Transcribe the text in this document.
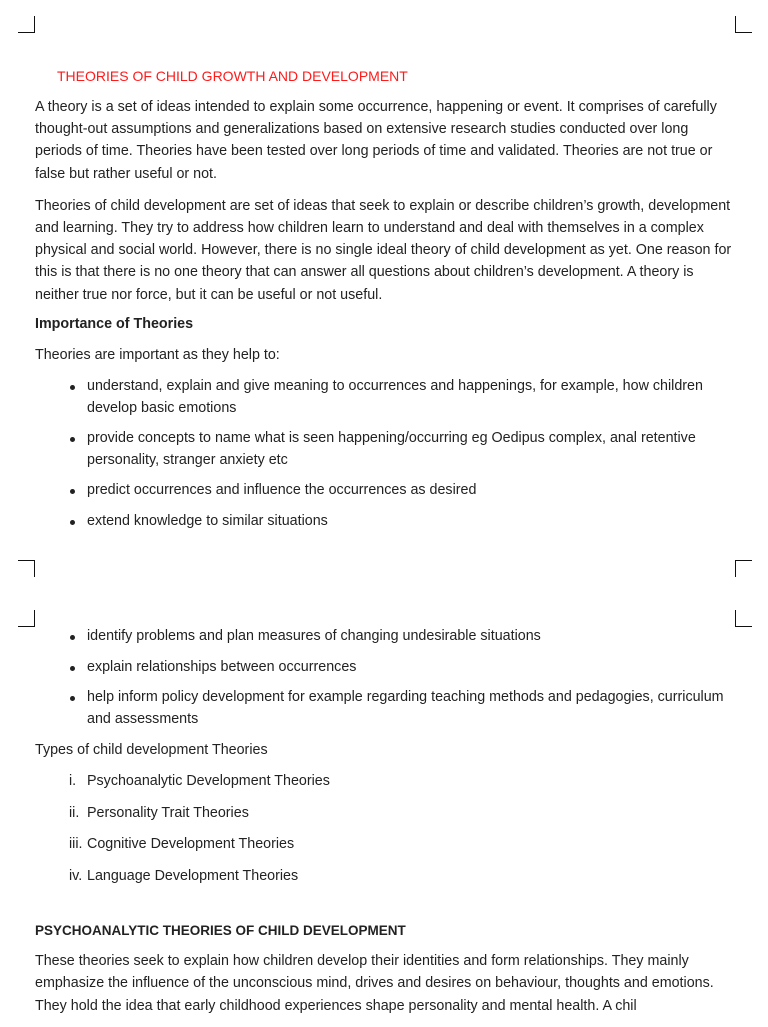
THEORIES OF CHILD GROWTH AND DEVELOPMENT

A theory is a set of ideas intended to explain some occurrence, happening or event. It comprises of carefully thought-out assumptions and generalizations based on extensive research studies conducted over long periods of time. Theories have been tested over long periods of time and validated. Theories are not true or false but rather useful or not.

Theories of child development are set of ideas that seek to explain or describe children’s growth, development and learning. They try to address how children learn to understand and deal with themselves in a complex physical and social world. However, there is no single ideal theory of child development as yet. One reason for this is that there is no one theory that can answer all questions about children’s development. A theory is neither true nor force, but it can be useful or not useful.

Importance of Theories

Theories are important as they help to:

understand, explain and give meaning to occurrences and happenings, for example, how children develop basic emotions
provide concepts to name what is seen happening/occurring eg Oedipus complex, anal retentive personality, stranger anxiety etc
predict occurrences and influence the occurrences as desired
extend knowledge to similar situations
identify problems and plan measures of changing undesirable situations
explain relationships between occurrences
help inform policy development for example regarding teaching methods and pedagogies, curriculum and assessments

Types of child development Theories

i. Psychoanalytic Development Theories
ii. Personality Trait Theories
iii. Cognitive Development Theories
iv. Language Development Theories
PSYCHOANALYTIC THEORIES OF CHILD DEVELOPMENT

These theories seek to explain how children develop their identities and form relationships. They mainly emphasize the influence of the unconscious mind, drives and desires on behaviour, thoughts and emotions. They hold the idea that early childhood experiences shape personality and mental health. A chil
